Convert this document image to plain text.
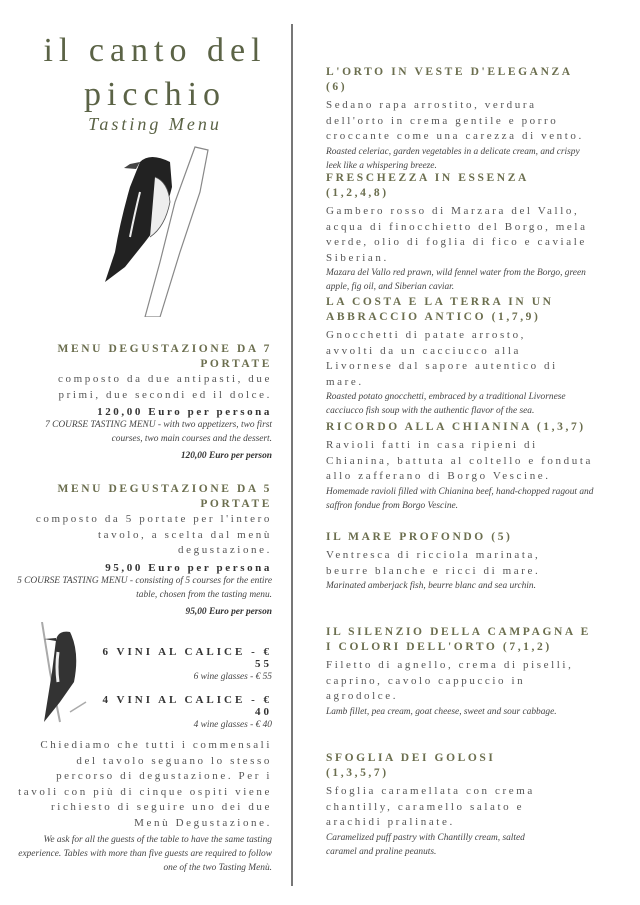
il canto del
picchio
Tasting Menu
MENU DEGUSTAZIONE DA 7 PORTATE
composto da due antipasti, due primi, due secondi ed il dolce.
120,00 Euro per persona
7 COURSE TASTING MENU - with two appetizers, two first courses, two main courses and the dessert.
120,00 Euro per person
MENU DEGUSTAZIONE DA 5 PORTATE
composto da 5 portate per l'intero tavolo, a scelta dal menù degustazione.
95,00 Euro per persona
5 COURSE TASTING MENU - consisting of 5 courses for the entire table, chosen from the tasting menu.
95,00 Euro per person
6 VINI AL CALICE - € 55
6 wine glasses - € 55
4 VINI AL CALICE - € 40
4 wine glasses - € 40
Chiediamo che tutti i commensali del tavolo seguano lo stesso percorso di degustazione. Per i tavoli con più di cinque ospiti viene richiesto di seguire uno dei due Menù Degustazione.
We ask for all the guests of the table to have the same tasting experience. Tables with more than five guests are required to follow one of the two Tasting Menù.
L'ORTO IN VESTE D'ELEGANZA (6)
Sedano rapa arrostito, verdura dell'orto in crema gentile e porro croccante come una carezza di vento.
Roasted celeriac, garden vegetables in a delicate cream, and crispy leek like a whispering breeze.
FRESCHEZZA IN ESSENZA (1,2,4,8)
Gambero rosso di Marzara del Vallo, acqua di finocchietto del Borgo, mela verde, olio di foglia di fico e caviale Siberian.
Mazara del Vallo red prawn, wild fennel water from the Borgo, green apple, fig oil, and Siberian caviar.
LA COSTA E LA TERRA IN UN ABBRACCIO ANTICO (1,7,9)
Gnocchetti di patate arrosto, avvolti da un cacciucco alla Livornese dal sapore autentico di mare.
Roasted potato gnocchetti, embraced by a traditional Livornese cacciucco fish soup with the authentic flavor of the sea.
RICORDO ALLA CHIANINA (1,3,7)
Ravioli fatti in casa ripieni di Chianina, battuta al coltello e fonduta allo zafferano di Borgo Vescine.
Homemade ravioli filled with Chianina beef, hand-chopped ragout and saffron fondue from Borgo Vescine.
IL MARE PROFONDO (5)
Ventresca di ricciola marinata, beurre blanche e ricci di mare.
Marinated amberjack fish, beurre blanc and sea urchin.
IL SILENZIO DELLA CAMPAGNA E I COLORI DELL'ORTO (7,1,2)
Filetto di agnello, crema di piselli, caprino, cavolo cappuccio in agrodolce.
Lamb fillet, pea cream, goat cheese, sweet and sour cabbage.
SFOGLIA DEI GOLOSI (1,3,5,7)
Sfoglia caramellata con crema chantilly, caramello salato e arachidi pralinate.
Caramelized puff pastry with Chantilly cream, salted caramel and praline peanuts.
